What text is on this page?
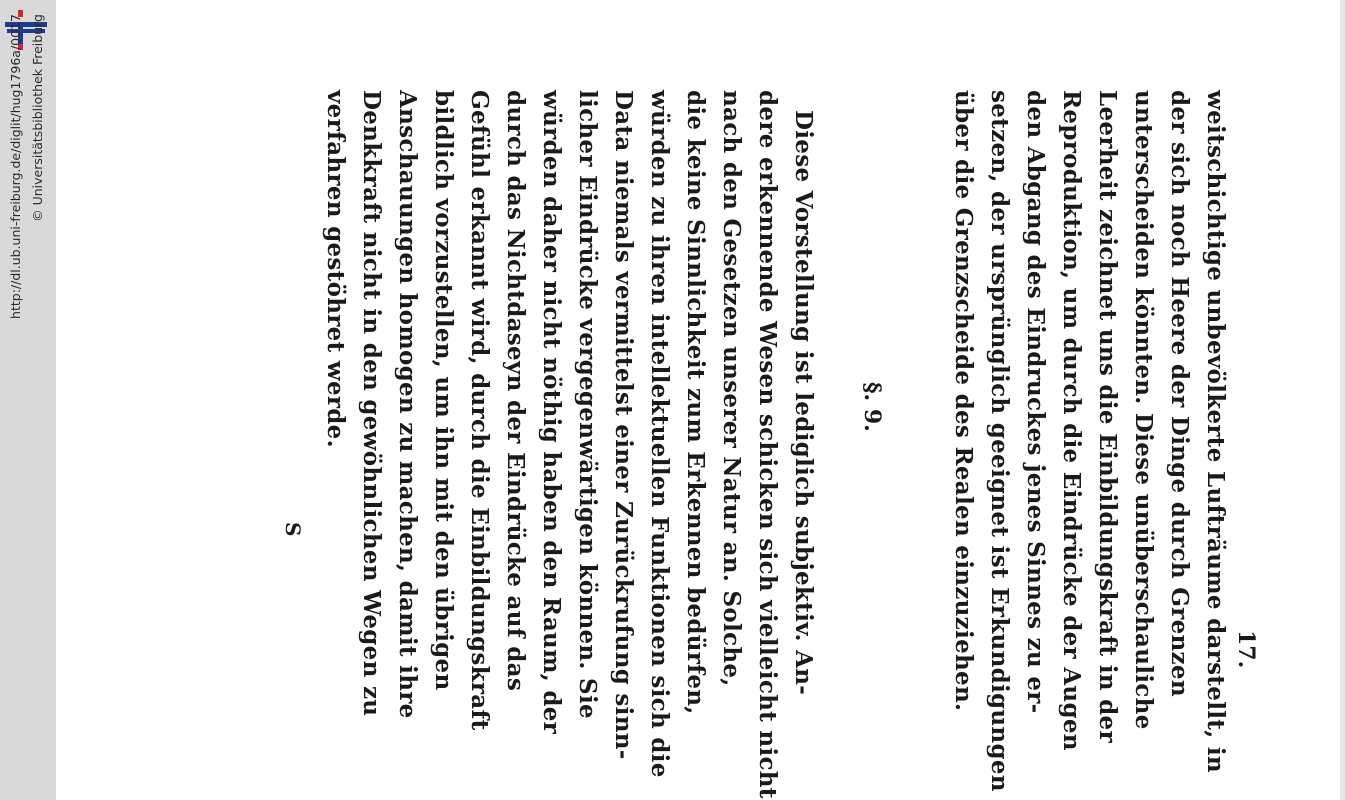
http://dl.ub.uni-freiburg.de/diglit/hug1796a/0017 © Universitätsbibliothek Freiburg
17.
weitschichtige unbevölkerte Lufträume darstellt, in
der sich noch Heere der Dinge durch Grenzen
unterscheiden könnten. Diese unüberschauliche
Leerheit zeichnet uns die Einbildungskraft in der
Reproduktion, um durch die Eindrücke der Augen
den Abgang des Eindruckes jenes Sinnes zu er-
setzen, der ursprünglich geeignet ist Erkundigungen
über die Grenzscheide des Realen einzuziehen.
§. 9.
Diese Vorstellung ist lediglich subjektiv. An-
dere erkennende Wesen schicken sich vielleicht nicht
nach den Gesetzen unserer Natur an. Solche,
die keine Sinnlichkeit zum Erkennen bedürfen,
würden zu ihren intellektuellen Funktionen sich die
Data niemals vermittelst einer Zurückrufung sinn-
licher Eindrücke vergegenwärtigen können. Sie
würden daher nicht nöthig haben den Raum, der
durch das Nichtdaseyn der Eindrücke auf das
Gefühl erkannt wird, durch die Einbildungskraft
bildlich vorzustellen, um ihn mit den übrigen
Anschauungen homogen zu machen, damit ihre
Denkkraft nicht in den gewöhnlichen Wegen zu
verfahren gestöhret werde.
S
